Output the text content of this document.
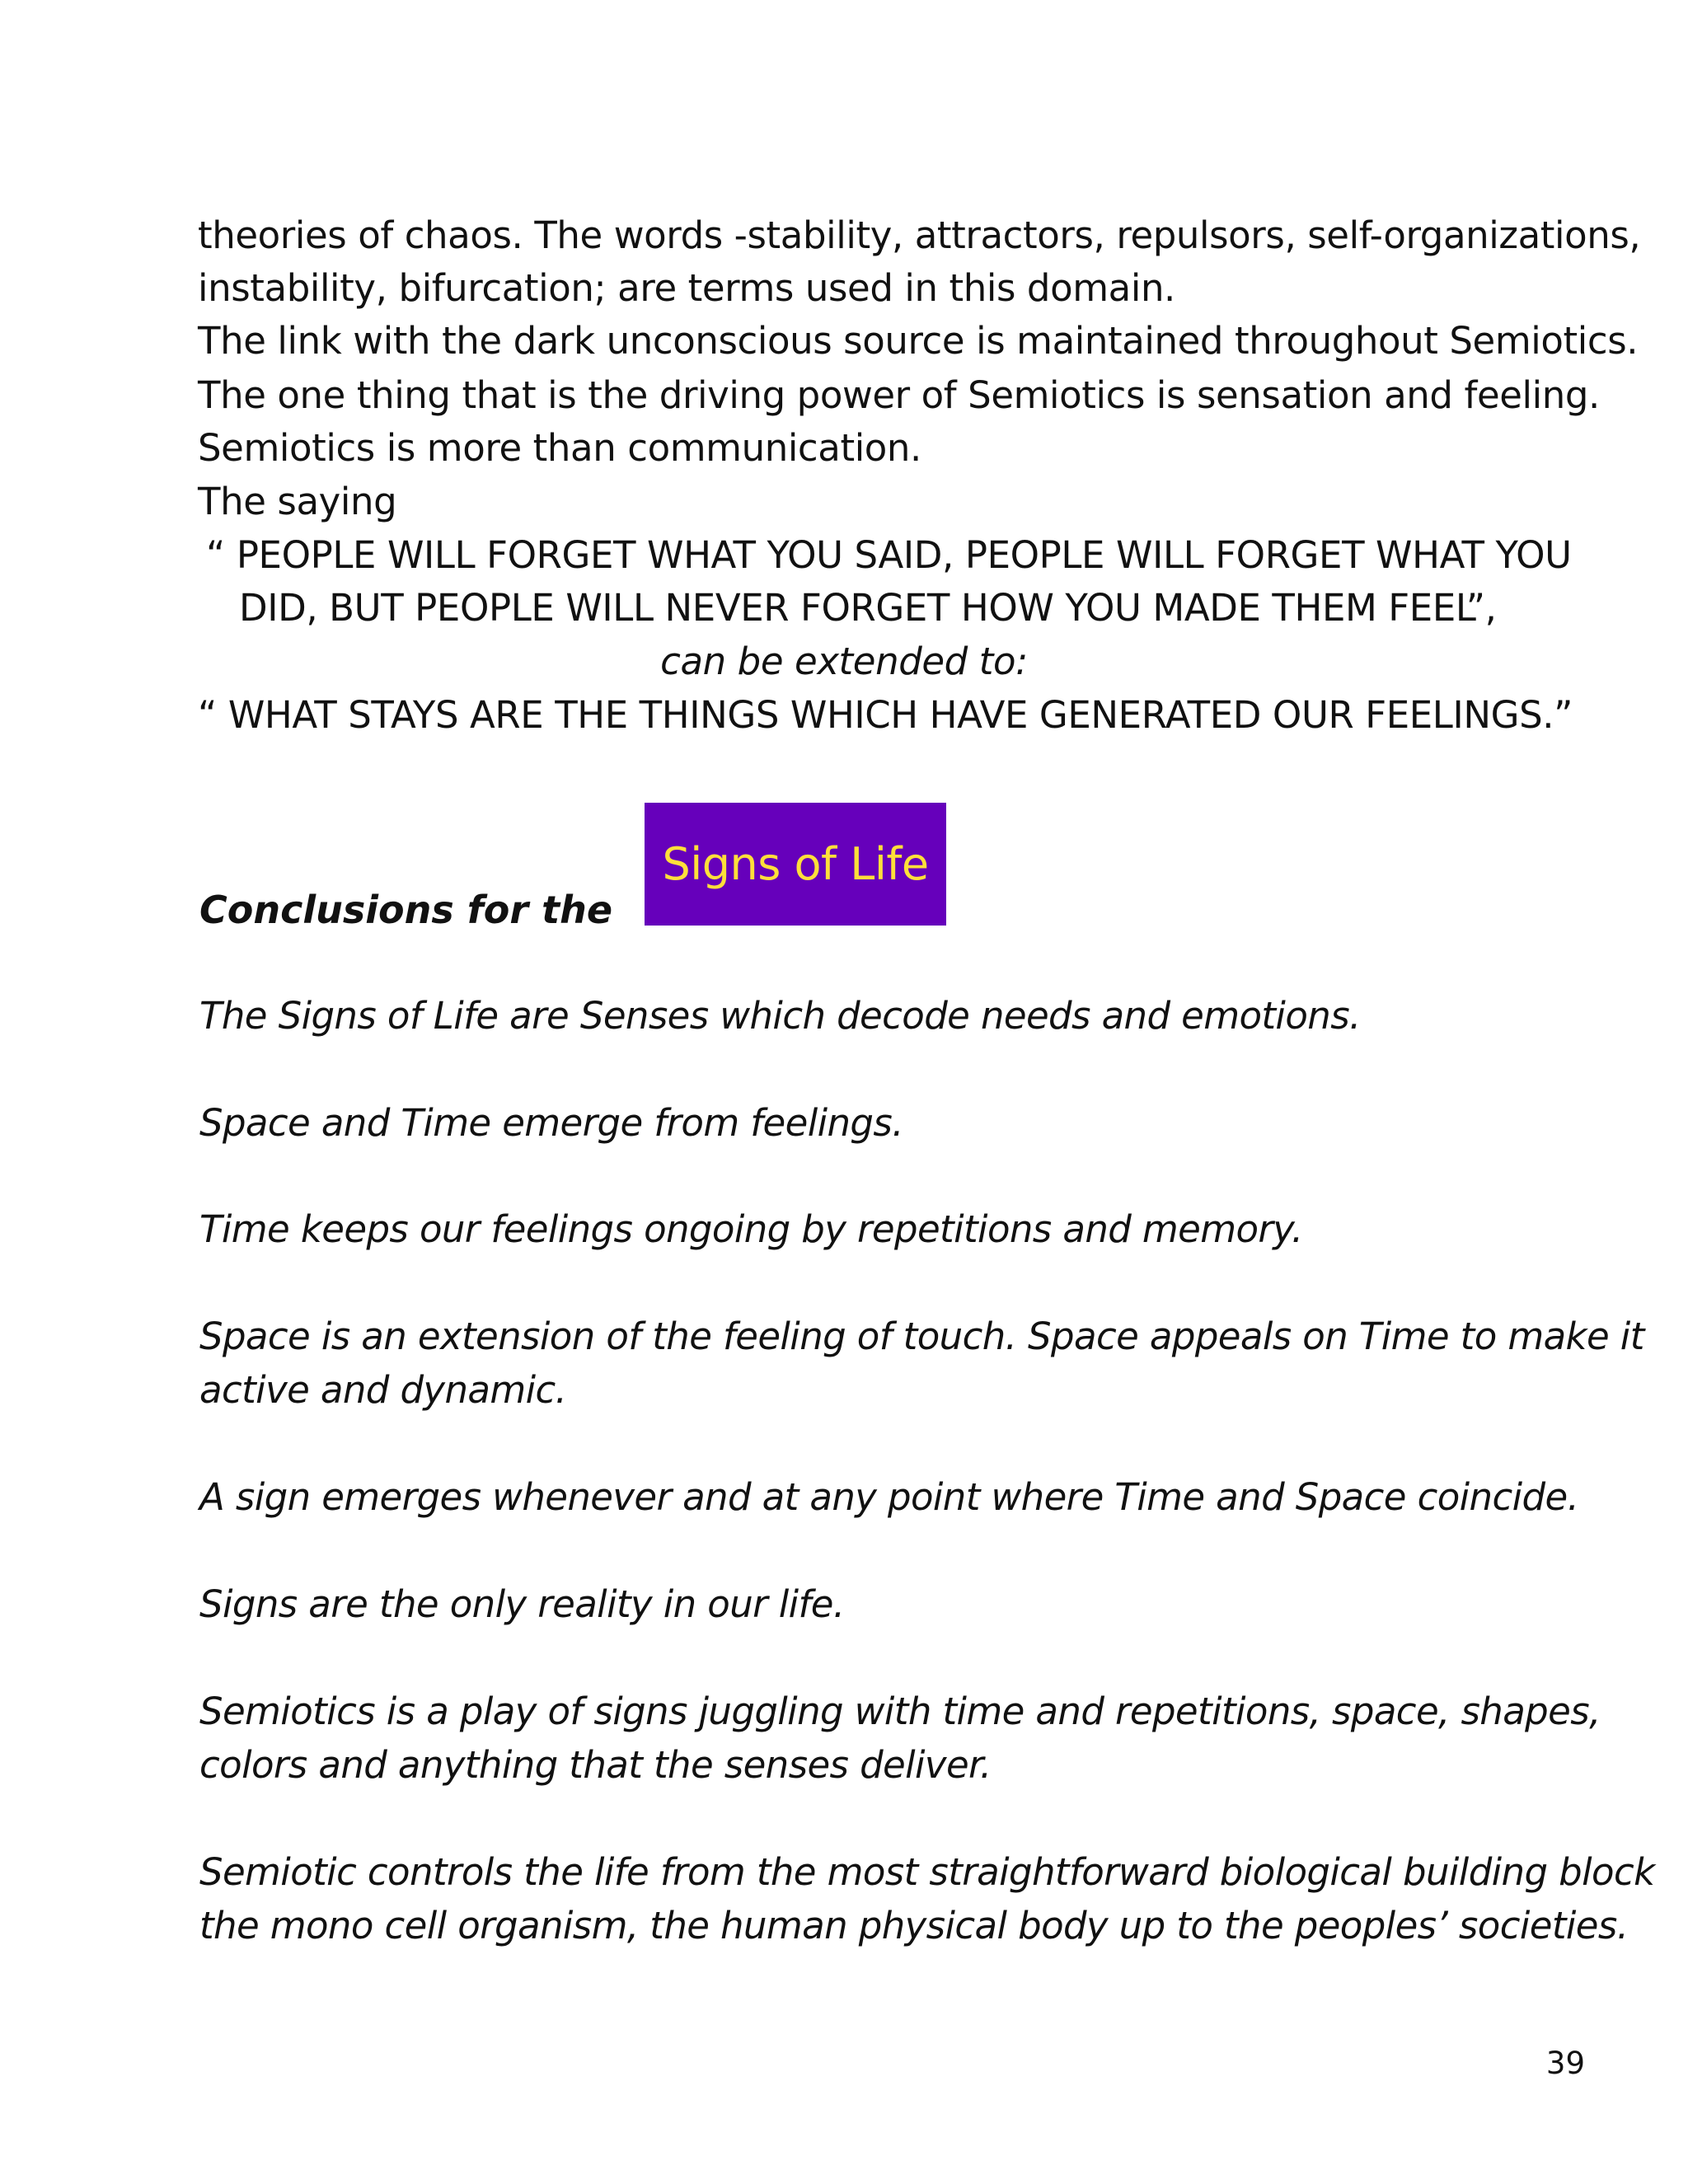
theories of chaos. The words -stability, attractors, repulsors, self-organizations,
instability, bifurcation; are terms used in this domain.
The link with the dark unconscious source is maintained throughout Semiotics.
The one thing that is the driving power of Semiotics is sensation and feeling.
Semiotics is more than communication.
The saying
“ PEOPLE WILL FORGET WHAT YOU SAID, PEOPLE WILL FORGET WHAT YOU
DID, BUT PEOPLE WILL NEVER FORGET HOW YOU MADE THEM FEEL”,
can be extended to:
“ WHAT STAYS ARE THE THINGS WHICH HAVE GENERATED OUR FEELINGS.”
Conclusions for the
Signs of Life
The Signs of Life are Senses which decode needs and emotions.
Space and Time emerge from feelings.
Time keeps our feelings ongoing by repetitions and memory.
Space is an extension of the feeling of touch. Space appeals on Time to make it
active and dynamic.
A sign emerges whenever and at any point where Time and Space coincide.
Signs are the only reality in our life.
Semiotics is a play of signs juggling with time and repetitions, space, shapes,
colors and anything that the senses deliver.
Semiotic controls the life from the most straightforward biological building block
the mono cell organism, the human physical body up to the peoples’ societies.
39
